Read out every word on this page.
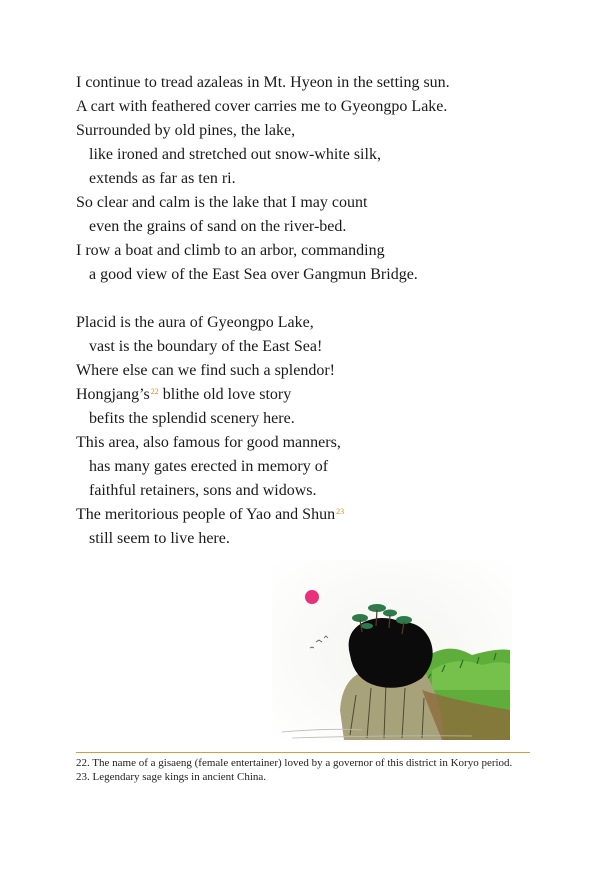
I continue to tread azaleas in Mt. Hyeon in the setting sun.
A cart with feathered cover carries me to Gyeongpo Lake.
Surrounded by old pines, the lake,
like ironed and stretched out snow-white silk,
extends as far as ten ri.
So clear and calm is the lake that I may count
even the grains of sand on the river-bed.
I row a boat and climb to an arbor, commanding
a good view of the East Sea over Gangmun Bridge.
Placid is the aura of Gyeongpo Lake,
vast is the boundary of the East Sea!
Where else can we find such a splendor!
Hongjang’s$^{22}$ blithe old love story
befits the splendid scenery here.
This area, also famous for good manners,
has many gates erected in memory of
faithful retainers, sons and widows.
The meritorious people of Yao and Shun$^{23}$
still seem to live here.
22. The name of a gisaeng (female entertainer) loved by a governor of this district in Koryo period.
23. Legendary sage kings in ancient China.
